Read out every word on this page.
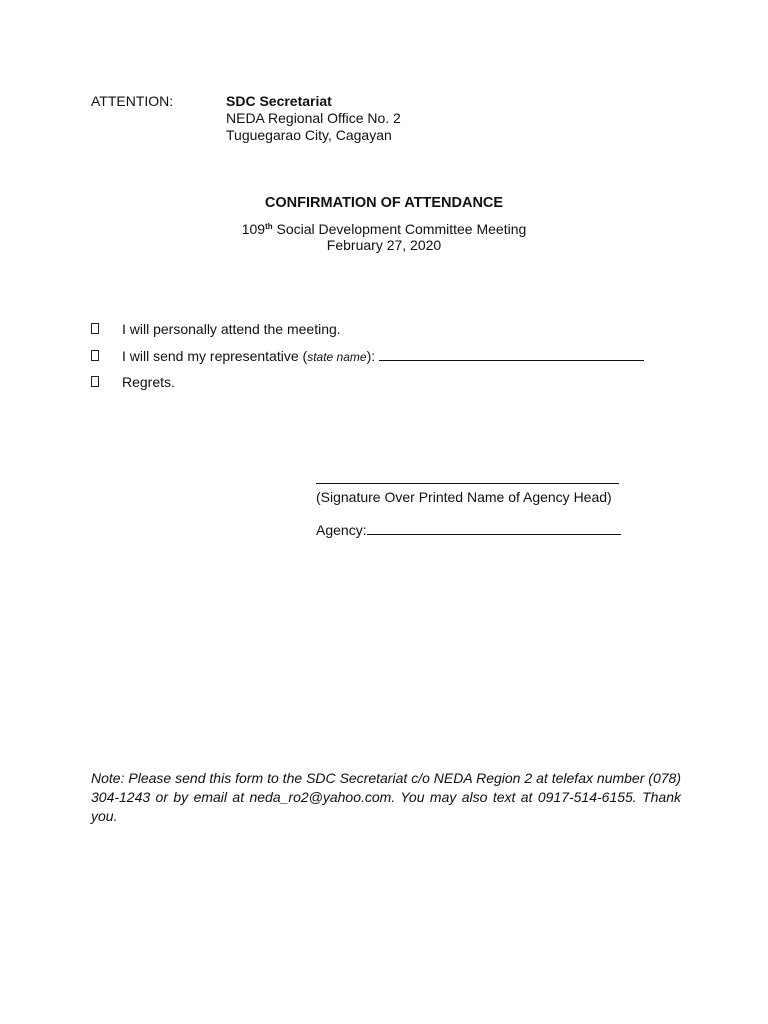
ATTENTION:	SDC Secretariat
NEDA Regional Office No. 2
Tuguegarao City, Cagayan
CONFIRMATION OF ATTENDANCE
109th Social Development Committee Meeting
February 27, 2020
I will personally attend the meeting.
I will send my representative (state name):
Regrets.
(Signature Over Printed Name of Agency Head)
Agency:
Note: Please send this form to the SDC Secretariat c/o NEDA Region 2 at telefax number (078) 304-1243 or by email at neda_ro2@yahoo.com. You may also text at 0917-514-6155. Thank you.
